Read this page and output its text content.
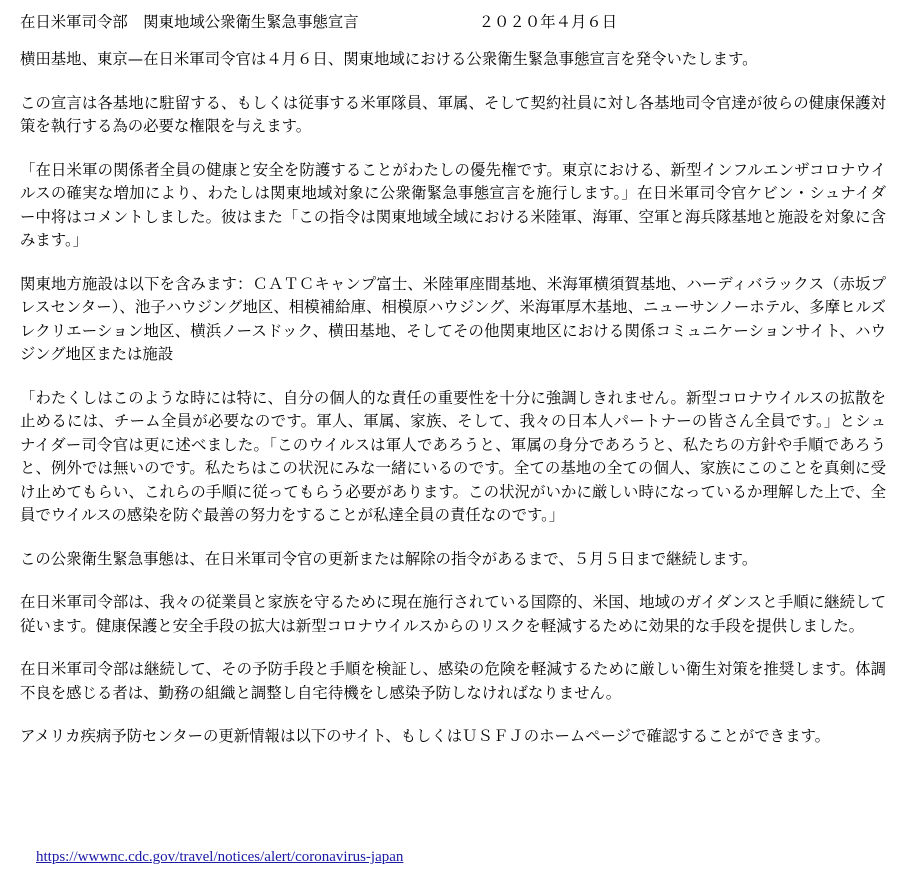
在日米軍司令部　 関東地域公衆衛生緊急事態宣言	２０２０年４月６日

横田基地、東京—在日米軍司令官は４月６日、関東地域における公衆衛生緊急事態宣言を発令いたします。

この宣言は各基地に駐留する、もしくは従事する米軍隊員、軍属、そして契約社員に対し各基地司令官達が彼らの健康保護対策を執行する為の必要な権限を与えます。

「在日米軍の関係者全員の健康と安全を防護することがわたしの優先権です。東京における、新型インフルエンザコロナウイルスの確実な増加により、わたしは関東地域対象に公衆衛緊急事態宣言を施行します。」在日米軍司令官ケビン・シュナイダー中将はコメントしました。彼はまた「この指令は関東地域全域における米陸軍、海軍、空軍と海兵隊基地と施設を対象に含みます。」

関東地方施設は以下を含みます：ＣＡＴＣキャンプ富士、米陸軍座間基地、米海軍横須賀基地、ハーディバラックス（赤坂プレスセンター）、池子ハウジング地区、相模補給庫、相模原ハウジング、米海軍厚木基地、ニューサンノーホテル、多摩ヒルズレクリエーション地区、横浜ノースドック、横田基地、そしてその他関東地区における関係コミュニケーションサイト、ハウジング地区または施設

「わたくしはこのような時には特に、自分の個人的な責任の重要性を十分に強調しきれません。新型コロナウイルスの拡散を止めるには、チーム全員が必要なのです。軍人、軍属、家族、そして、我々の日本人パートナーの皆さん全員です。」とシュナイダー司令官は更に述べました。「このウイルスは軍人であろうと、軍属の身分であろうと、私たちの方針や手順であろうと、例外では無いのです。私たちはこの状況にみな一緒にいるのです。全ての基地の全ての個人、家族にこのことを真剣に受け止めてもらい、これらの手順に従ってもらう必要があります。この状況がいかに厳しい時になっているか理解した上で、全員でウイルスの感染を防ぐ最善の努力をすることが私達全員の責任なのです。」

この公衆衛生緊急事態は、在日米軍司令官の更新または解除の指令があるまで、５月５日まで継続します。

在日米軍司令部は、我々の従業員と家族を守るために現在施行されている国際的、米国、地域のガイダンスと手順に継続して従います。健康保護と安全手段の拡大は新型コロナウイルスからのリスクを軽減するために効果的な手段を提供しました。

在日米軍司令部は継続して、その予防手段と手順を検証し、感染の危険を軽減するために厳しい衛生対策を推奨します。体調不良を感じる者は、勤務の組織と調整し自宅待機をし感染予防しなければなりません。

アメリカ疾病予防センターの更新情報は以下のサイト、もしくはＵＳＦＪのホームページで確認することができます。

https://wwwnc.cdc.gov/travel/notices/alert/coronavirus-japan
